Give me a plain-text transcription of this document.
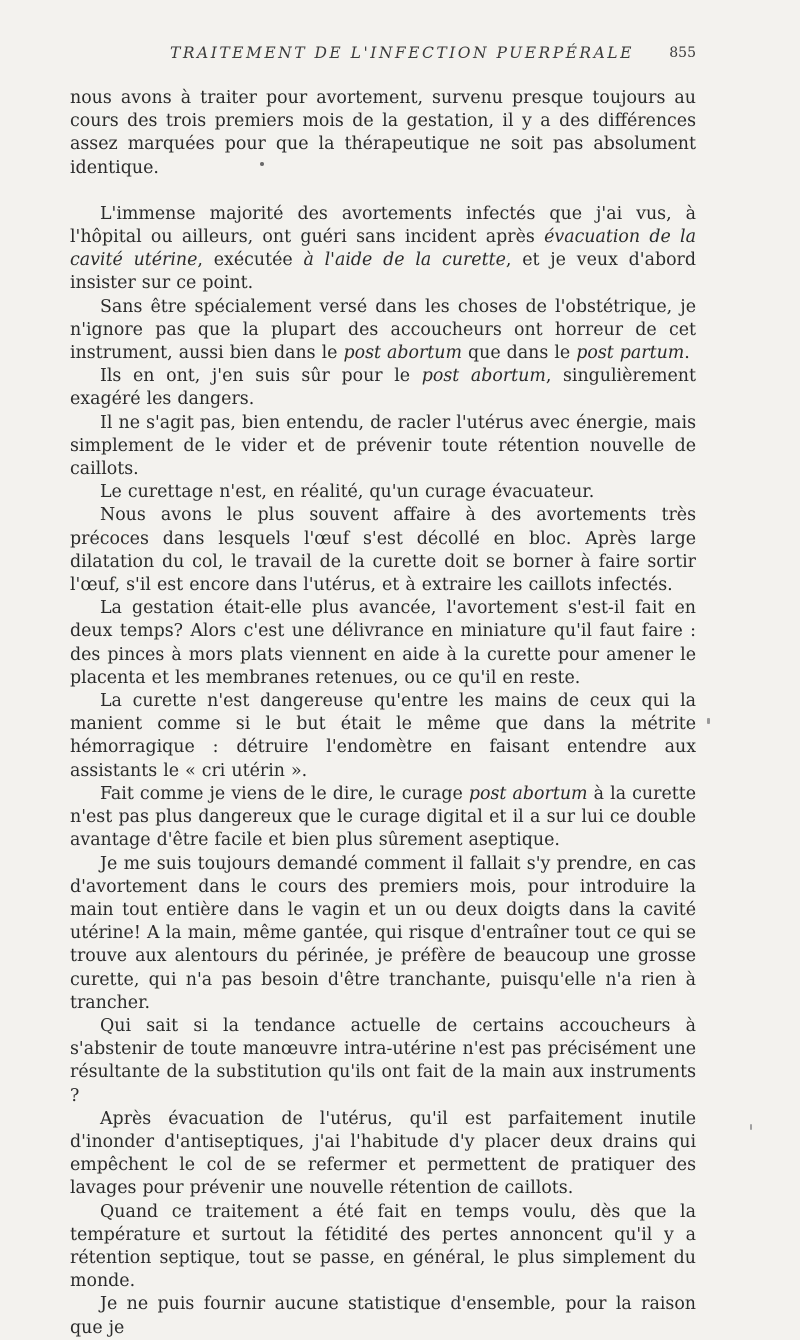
TRAITEMENT DE L'INFECTION PUERPÉRALE	855

nous avons à traiter pour avortement, survenu presque toujours au cours des trois premiers mois de la gestation, il y a des différences assez marquées pour que la thérapeutique ne soit pas absolument identique.

L'immense majorité des avortements infectés que j'ai vus, à l'hôpital ou ailleurs, ont guéri sans incident après évacuation de la cavité utérine, exécutée à l'aide de la curette, et je veux d'abord insister sur ce point.

Sans être spécialement versé dans les choses de l'obstétrique, je n'ignore pas que la plupart des accoucheurs ont horreur de cet instrument, aussi bien dans le post abortum que dans le post partum.

Ils en ont, j'en suis sûr pour le post abortum, singulièrement exagéré les dangers.

Il ne s'agit pas, bien entendu, de racler l'utérus avec énergie, mais simplement de le vider et de prévenir toute rétention nouvelle de caillots.

Le curettage n'est, en réalité, qu'un curage évacuateur.

Nous avons le plus souvent affaire à des avortements très précoces dans lesquels l'œuf s'est décollé en bloc. Après large dilatation du col, le travail de la curette doit se borner à faire sortir l'œuf, s'il est encore dans l'utérus, et à extraire les caillots infectés.

La gestation était-elle plus avancée, l'avortement s'est-il fait en deux temps? Alors c'est une délivrance en miniature qu'il faut faire : des pinces à mors plats viennent en aide à la curette pour amener le placenta et les membranes retenues, ou ce qu'il en reste.

La curette n'est dangereuse qu'entre les mains de ceux qui la manient comme si le but était le même que dans la métrite hémorragique : détruire l'endomètre en faisant entendre aux assistants le « cri utérin ».

Fait comme je viens de le dire, le curage post abortum à la curette n'est pas plus dangereux que le curage digital et il a sur lui ce double avantage d'être facile et bien plus sûrement aseptique.

Je me suis toujours demandé comment il fallait s'y prendre, en cas d'avortement dans le cours des premiers mois, pour introduire la main tout entière dans le vagin et un ou deux doigts dans la cavité utérine! A la main, même gantée, qui risque d'entraîner tout ce qui se trouve aux alentours du périnée, je préfère de beaucoup une grosse curette, qui n'a pas besoin d'être tranchante, puisqu'elle n'a rien à trancher.

Qui sait si la tendance actuelle de certains accoucheurs à s'abstenir de toute manœuvre intra-utérine n'est pas précisément une résultante de la substitution qu'ils ont fait de la main aux instruments ?

Après évacuation de l'utérus, qu'il est parfaitement inutile d'inonder d'antiseptiques, j'ai l'habitude d'y placer deux drains qui empêchent le col de se refermer et permettent de pratiquer des lavages pour prévenir une nouvelle rétention de caillots.

Quand ce traitement a été fait en temps voulu, dès que la température et surtout la fétidité des pertes annoncent qu'il y a rétention septique, tout se passe, en général, le plus simplement du monde.

Je ne puis fournir aucune statistique d'ensemble, pour la raison que je
